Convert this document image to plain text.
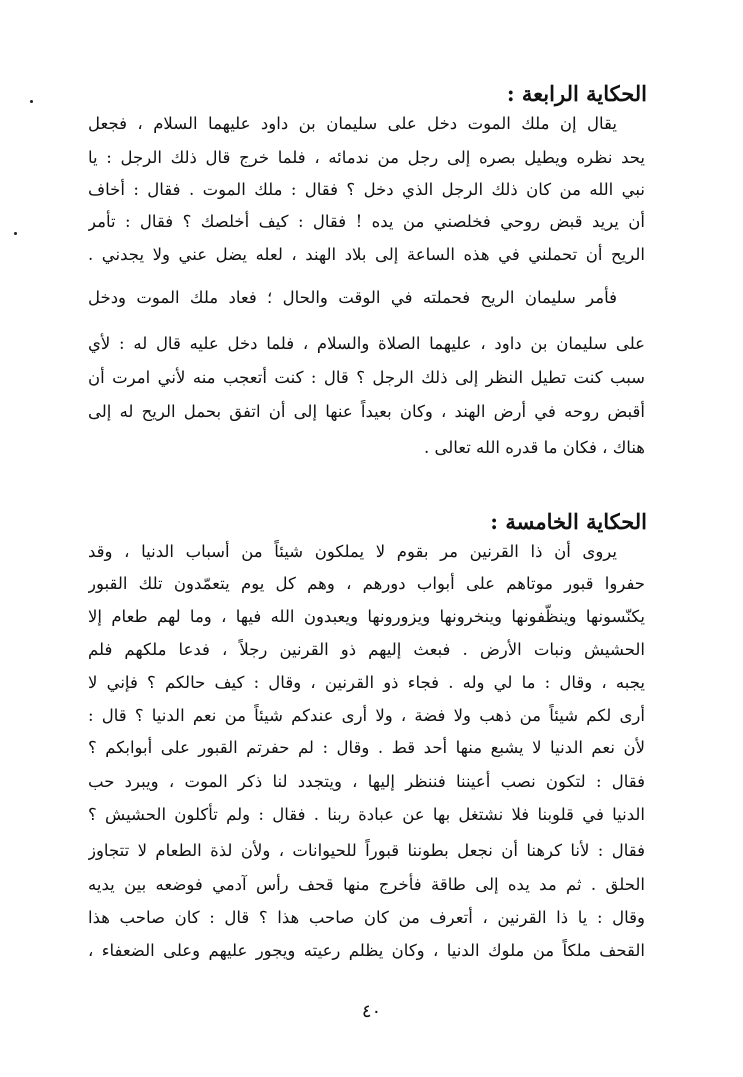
الحكاية الرابعة :

يقال إن ملك الموت دخل على سليمان بن داود عليهما السلام ، فجعل

يحد نظره ويطيل بصره إلى رجل من ندمائه ، فلما خرج قال ذلك الرجل : يا

نبي الله من كان ذلك الرجل الذي دخل ؟ فقال : ملك الموت . فقال : أخاف

أن يريد قبض روحي فخلصني من يده ! فقال : كيف أخلصك ؟ فقال : تأمر

الريح أن تحملني في هذه الساعة إلى بلاد الهند ، لعله يضل عني ولا يجدني .

فأمر سليمان الريح فحملته في الوقت والحال ؛ فعاد ملك الموت ودخل

على سليمان بن داود ، عليهما الصلاة والسلام ، فلما دخل عليه قال له : لأي

سبب كنت تطيل النظر إلى ذلك الرجل ؟ قال : كنت أتعجب منه لأني امرت أن

أقبض روحه في أرض الهند ، وكان بعيداً عنها إلى أن اتفق بحمل الريح له إلى

هناك ، فكان ما قدره الله تعالى .

الحكاية الخامسة :

يروى أن ذا القرنين مر بقوم لا يملكون شيئاً من أسباب الدنيا ، وقد

حفروا قبور موتاهم على أبواب دورهم ، وهم كل يوم يتعمّدون تلك القبور

يكنّسونها وينظّفونها وينخرونها ويزورونها ويعبدون الله فيها ، وما لهم طعام إلا

الحشيش ونبات الأرض . فبعث إليهم ذو القرنين رجلاً ، فدعا ملكهم فلم

يجبه ، وقال : ما لي وله . فجاء ذو القرنين ، وقال : كيف حالكم ؟ فإني لا

أرى لكم شيئاً من ذهب ولا فضة ، ولا أرى عندكم شيئاً من نعم الدنيا ؟ قال :

لأن نعم الدنيا لا يشبع منها أحد قط . وقال : لم حفرتم القبور على أبوابكم ؟

فقال : لتكون نصب أعيننا فننظر إليها ، ويتجدد لنا ذكر الموت ، ويبرد حب

الدنيا في قلوبنا فلا نشتغل بها عن عبادة ربنا . فقال : ولم تأكلون الحشيش ؟

فقال : لأنا كرهنا أن نجعل بطوننا قبوراً للحيوانات ، ولأن لذة الطعام لا تتجاوز

الحلق . ثم مد يده إلى طاقة فأخرج منها قحف رأس آدمي فوضعه بين يديه

وقال : يا ذا القرنين ، أتعرف من كان صاحب هذا ؟ قال : كان صاحب هذا

القحف ملكاً من ملوك الدنيا ، وكان يظلم رعيته ويجور عليهم وعلى الضعفاء ،

٤٠
